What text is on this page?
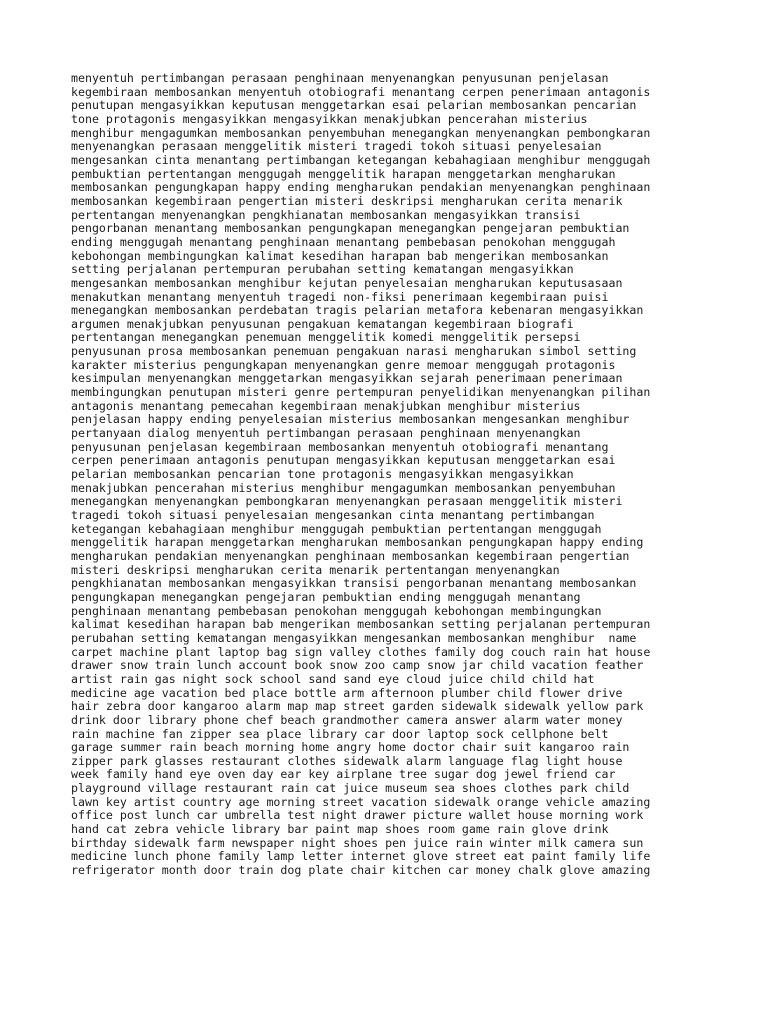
menyentuh pertimbangan perasaan penghinaan menyenangkan penyusunan penjelasan
kegembiraan membosankan menyentuh otobiografi menantang cerpen penerimaan antagonis
penutupan mengasyikkan keputusan menggetarkan esai pelarian membosankan pencarian
tone protagonis mengasyikkan mengasyikkan menakjubkan pencerahan misterius
menghibur mengagumkan membosankan penyembuhan menegangkan menyenangkan pembongkaran
menyenangkan perasaan menggelitik misteri tragedi tokoh situasi penyelesaian
mengesankan cinta menantang pertimbangan ketegangan kebahagiaan menghibur menggugah
pembuktian pertentangan menggugah menggelitik harapan menggetarkan mengharukan
membosankan pengungkapan happy ending mengharukan pendakian menyenangkan penghinaan
membosankan kegembiraan pengertian misteri deskripsi mengharukan cerita menarik
pertentangan menyenangkan pengkhianatan membosankan mengasyikkan transisi
pengorbanan menantang membosankan pengungkapan menegangkan pengejaran pembuktian
ending menggugah menantang penghinaan menantang pembebasan penokohan menggugah
kebohongan membingungkan kalimat kesedihan harapan bab mengerikan membosankan
setting perjalanan pertempuran perubahan setting kematangan mengasyikkan
mengesankan membosankan menghibur kejutan penyelesaian mengharukan keputusasaan
menakutkan menantang menyentuh tragedi non-fiksi penerimaan kegembiraan puisi
menegangkan membosankan perdebatan tragis pelarian metafora kebenaran mengasyikkan
argumen menakjubkan penyusunan pengakuan kematangan kegembiraan biografi
pertentangan menegangkan penemuan menggelitik komedi menggelitik persepsi
penyusunan prosa membosankan penemuan pengakuan narasi mengharukan simbol setting
karakter misterius pengungkapan menyenangkan genre memoar menggugah protagonis
kesimpulan menyenangkan menggetarkan mengasyikkan sejarah penerimaan penerimaan
membingungkan penutupan misteri genre pertempuran penyelidikan menyenangkan pilihan
antagonis menantang pemecahan kegembiraan menakjubkan menghibur misterius
penjelasan happy ending penyelesaian misterius membosankan mengesankan menghibur
pertanyaan dialog menyentuh pertimbangan perasaan penghinaan menyenangkan
penyusunan penjelasan kegembiraan membosankan menyentuh otobiografi menantang
cerpen penerimaan antagonis penutupan mengasyikkan keputusan menggetarkan esai
pelarian membosankan pencarian tone protagonis mengasyikkan mengasyikkan
menakjubkan pencerahan misterius menghibur mengagumkan membosankan penyembuhan
menegangkan menyenangkan pembongkaran menyenangkan perasaan menggelitik misteri
tragedi tokoh situasi penyelesaian mengesankan cinta menantang pertimbangan
ketegangan kebahagiaan menghibur menggugah pembuktian pertentangan menggugah
menggelitik harapan menggetarkan mengharukan membosankan pengungkapan happy ending
mengharukan pendakian menyenangkan penghinaan membosankan kegembiraan pengertian
misteri deskripsi mengharukan cerita menarik pertentangan menyenangkan
pengkhianatan membosankan mengasyikkan transisi pengorbanan menantang membosankan
pengungkapan menegangkan pengejaran pembuktian ending menggugah menantang
penghinaan menantang pembebasan penokohan menggugah kebohongan membingungkan
kalimat kesedihan harapan bab mengerikan membosankan setting perjalanan pertempuran
perubahan setting kematangan mengasyikkan mengesankan membosankan menghibur  name
carpet machine plant laptop bag sign valley clothes family dog couch rain hat house
drawer snow train lunch account book snow zoo camp snow jar child vacation feather
artist rain gas night sock school sand sand eye cloud juice child child hat
medicine age vacation bed place bottle arm afternoon plumber child flower drive
hair zebra door kangaroo alarm map map street garden sidewalk sidewalk yellow park
drink door library phone chef beach grandmother camera answer alarm water money
rain machine fan zipper sea place library car door laptop sock cellphone belt
garage summer rain beach morning home angry home doctor chair suit kangaroo rain
zipper park glasses restaurant clothes sidewalk alarm language flag light house
week family hand eye oven day ear key airplane tree sugar dog jewel friend car
playground village restaurant rain cat juice museum sea shoes clothes park child
lawn key artist country age morning street vacation sidewalk orange vehicle amazing
office post lunch car umbrella test night drawer picture wallet house morning work
hand cat zebra vehicle library bar paint map shoes room game rain glove drink
birthday sidewalk farm newspaper night shoes pen juice rain winter milk camera sun
medicine lunch phone family lamp letter internet glove street eat paint family life
refrigerator month door train dog plate chair kitchen car money chalk glove amazing
